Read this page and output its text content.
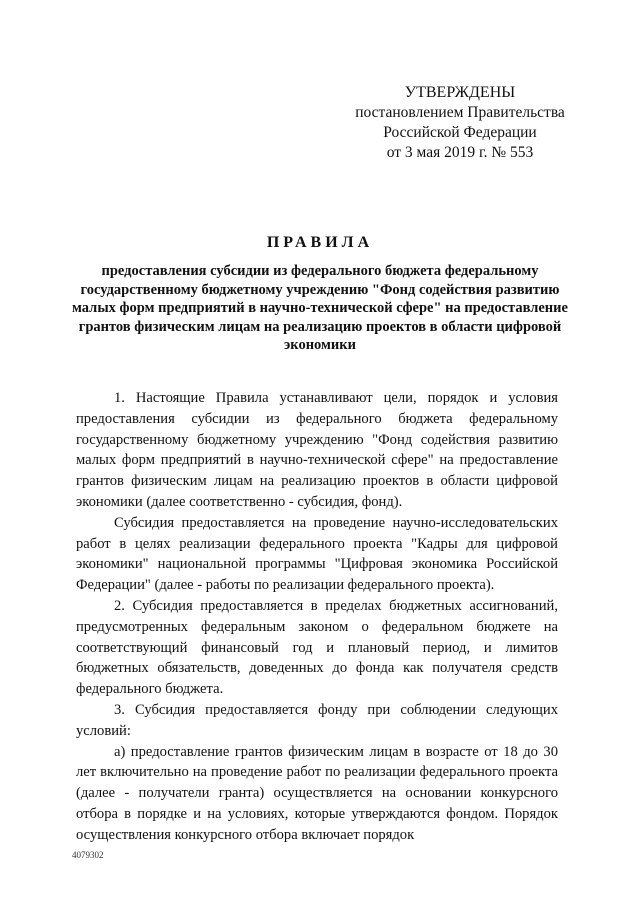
УТВЕРЖДЕНЫ
постановлением Правительства
Российской Федерации
от 3 мая 2019 г. № 553
ПРАВИЛА
предоставления субсидии из федерального бюджета федеральному государственному бюджетному учреждению "Фонд содействия развитию малых форм предприятий в научно-технической сфере" на предоставление грантов физическим лицам на реализацию проектов в области цифровой экономики

1. Настоящие Правила устанавливают цели, порядок и условия предоставления субсидии из федерального бюджета федеральному государственному бюджетному учреждению "Фонд содействия развитию малых форм предприятий в научно-технической сфере" на предоставление грантов физическим лицам на реализацию проектов в области цифровой экономики (далее соответственно - субсидия, фонд).

Субсидия предоставляется на проведение научно-исследовательских работ в целях реализации федерального проекта "Кадры для цифровой экономики" национальной программы "Цифровая экономика Российской Федерации" (далее - работы по реализации федерального проекта).

2. Субсидия предоставляется в пределах бюджетных ассигнований, предусмотренных федеральным законом о федеральном бюджете на соответствующий финансовый год и плановый период, и лимитов бюджетных обязательств, доведенных до фонда как получателя средств федерального бюджета.

3. Субсидия предоставляется фонду при соблюдении следующих условий:

а) предоставление грантов физическим лицам в возрасте от 18 до 30 лет включительно на проведение работ по реализации федерального проекта (далее - получатели гранта) осуществляется на основании конкурсного отбора в порядке и на условиях, которые утверждаются фондом. Порядок осуществления конкурсного отбора включает порядок

4079302
